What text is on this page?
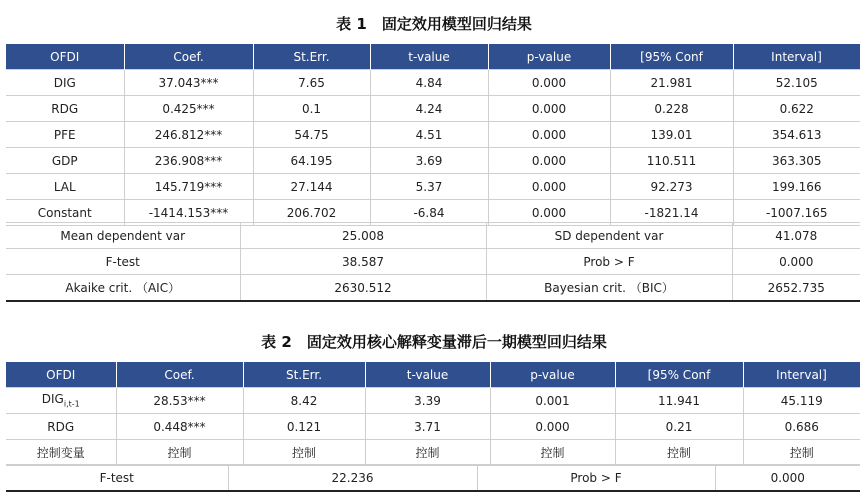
表 1　固定效用模型回归结果
OFDI	Coef.	St.Err.	t-value	p-value	[95% Conf	Interval]
DIG	37.043***	7.65	4.84	0.000	21.981	52.105
RDG	0.425***	0.1	4.24	0.000	0.228	0.622
PFE	246.812***	54.75	4.51	0.000	139.01	354.613
GDP	236.908***	64.195	3.69	0.000	110.511	363.305
LAL	145.719***	27.144	5.37	0.000	92.273	199.166
Constant	-1414.153***	206.702	-6.84	0.000	-1821.14	-1007.165
Mean dependent var	25.008	SD dependent var	41.078
F-test	38.587	Prob > F	0.000
Akaike crit. （AIC）	2630.512	Bayesian crit. （BIC）	2652.735
表 2　固定效用核心解释变量滞后一期模型回归结果
OFDI	Coef.	St.Err.	t-value	p-value	[95% Conf	Interval]
$DIG_{i,t-1}$	28.53***	8.42	3.39	0.001	11.941	45.119
RDG	0.448***	0.121	3.71	0.000	0.21	0.686
控制变量	控制	控制	控制	控制	控制	控制
F-test	22.236	Prob > F	0.000
